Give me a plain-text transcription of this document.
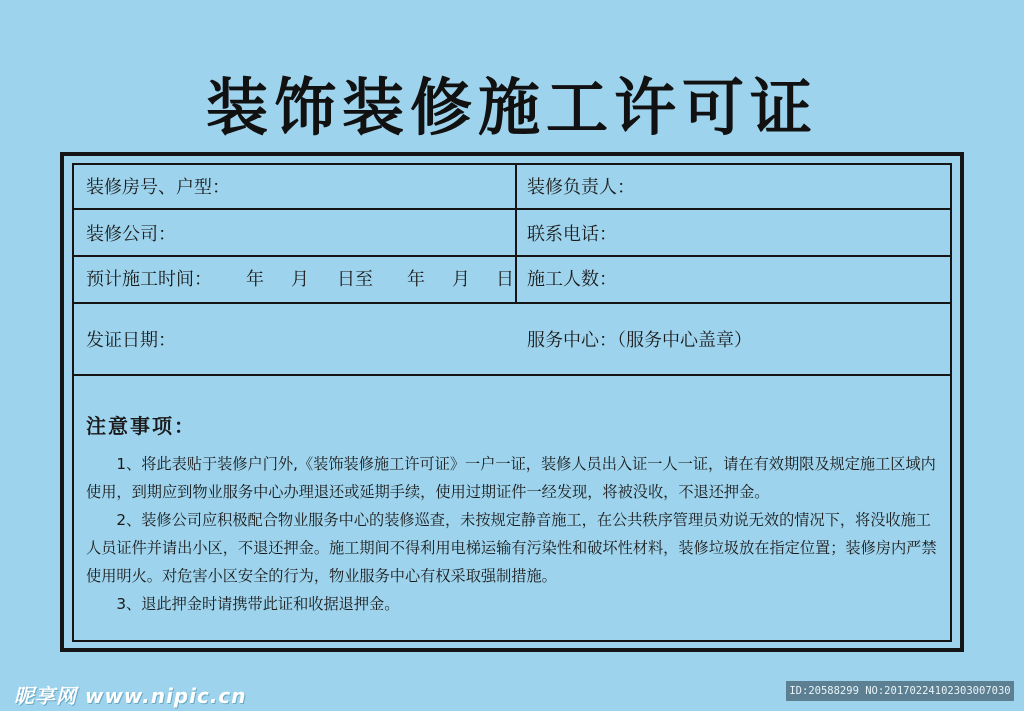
装饰装修施工许可证
装修房号、户型：	装修负责人：
装修公司：	联系电话：
预计施工时间： 年 月 日至 年 月 日 施工人数：
发证日期：	服务中心：（服务中心盖章）
注意事项：

1、将此表贴于装修户门外,《装饰装修施工许可证》一户一证，装修人员出入证一人一证，请在有效期限及规定施工区域内使用，到期应到物业服务中心办理退还或延期手续，使用过期证件一经发现，将被没收，不退还押金。

2、装修公司应积极配合物业服务中心的装修巡查，未按规定静音施工，在公共秩序管理员劝说无效的情况下，将没收施工人员证件并请出小区，不退还押金。施工期间不得利用电梯运输有污染性和破坏性材料，装修垃圾放在指定位置；装修房内严禁使用明火。对危害小区安全的行为，物业服务中心有权采取强制措施。

3、退此押金时请携带此证和收据退押金。

昵享网 www.nipic.cn	ID:20588299 NO:20170224102303007030
